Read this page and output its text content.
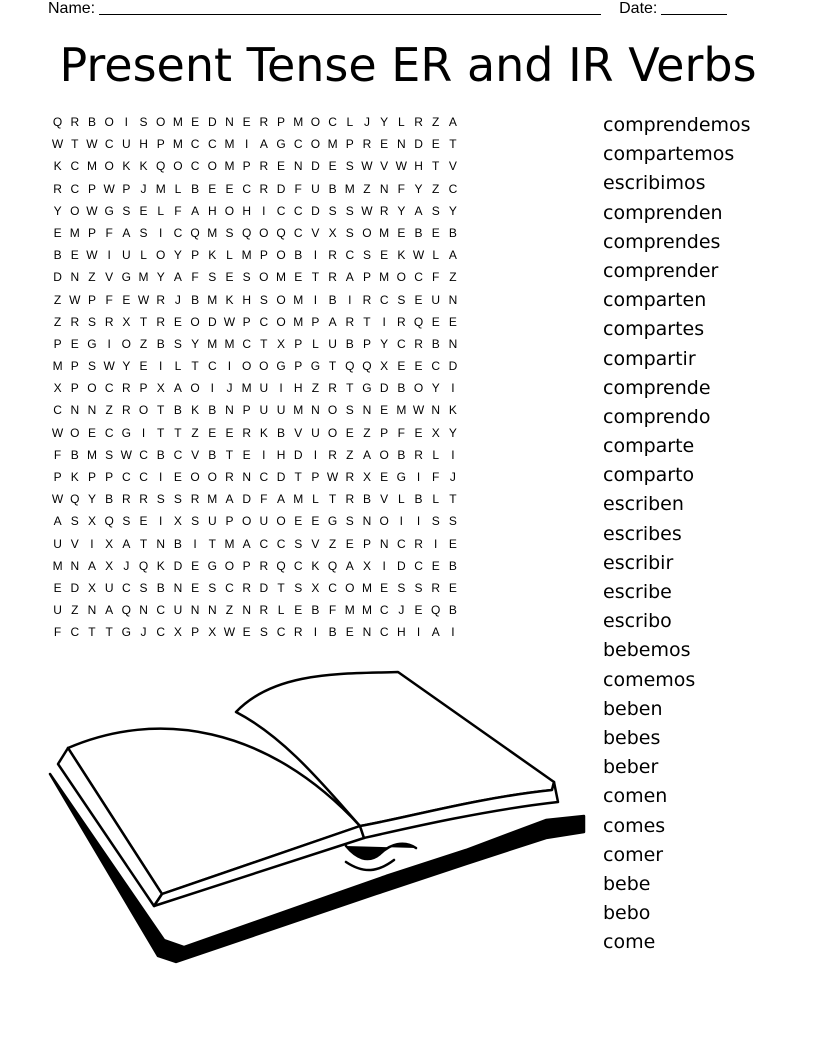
Name:	Date:
Present Tense ER and IR Verbs
Q R B O I S O M E D N E R P M O C L J Y L R Z A
W T W C U H P M C C M I A G C O M P R E N D E T
K C M O K K Q O C O M P R E N D E S W V W H T V
R C P W P J M L B E E C R D F U B M Z N F Y Z C
Y O W G S E L F A H O H I C C D S S W R Y A S Y
E M P F A S I C Q M S Q O Q C V X S O M E B E B
B E W I U L O Y P K L M P O B I R C S E K W L A
D N Z V G M Y A F S E S O M E T R A P M O C F Z
Z W P F E W R J B M K H S O M I B I R C S E U N
Z R S R X T R E O D W P C O M P A R T I R Q E E
P E G I O Z B S Y M M C T X P L U B P Y C R B N
M P S W Y E I	L T C I O O G P G T Q Q X E E C D
X P O C R P X A O I	J M U I H Z R T G D B O Y I
C N N Z R O T B K B N P U U M N O S N E M W N K
W O E C G I T T Z E E R K B V U O E Z P F E X Y
F B M S W C B C V B T E I H D I R Z A O B R L	I
P K P P C C I E O O R N C D T P W R X E G I F J
W Q Y B R R S S R M A D F A M L T R B V L B L T
A S X Q S E I X S U P O U O E E G S N O I	I S S
U V I X A T N B I T M A C C S V Z E P N C R I E
M N A X J Q K D E G O P R Q C K Q A X I D C E B
E D X U C S B N E S C R D T S X C O M E S S R E
U Z N A Q N C U N N Z N R L E B F M M C J E Q B
F C T T G J C X P X W E S C R I B E N C H I A I
comprendemos
compartemos
escribimos
comprenden
comprendes
comprender
comparten
compartes
compartir
comprende
comprendo
comparte
comparto
escriben
escribes
escribir
escribe
escribo
bebemos
comemos
beben
bebes
beber
comen
comes
comer
bebe
bebo
come
